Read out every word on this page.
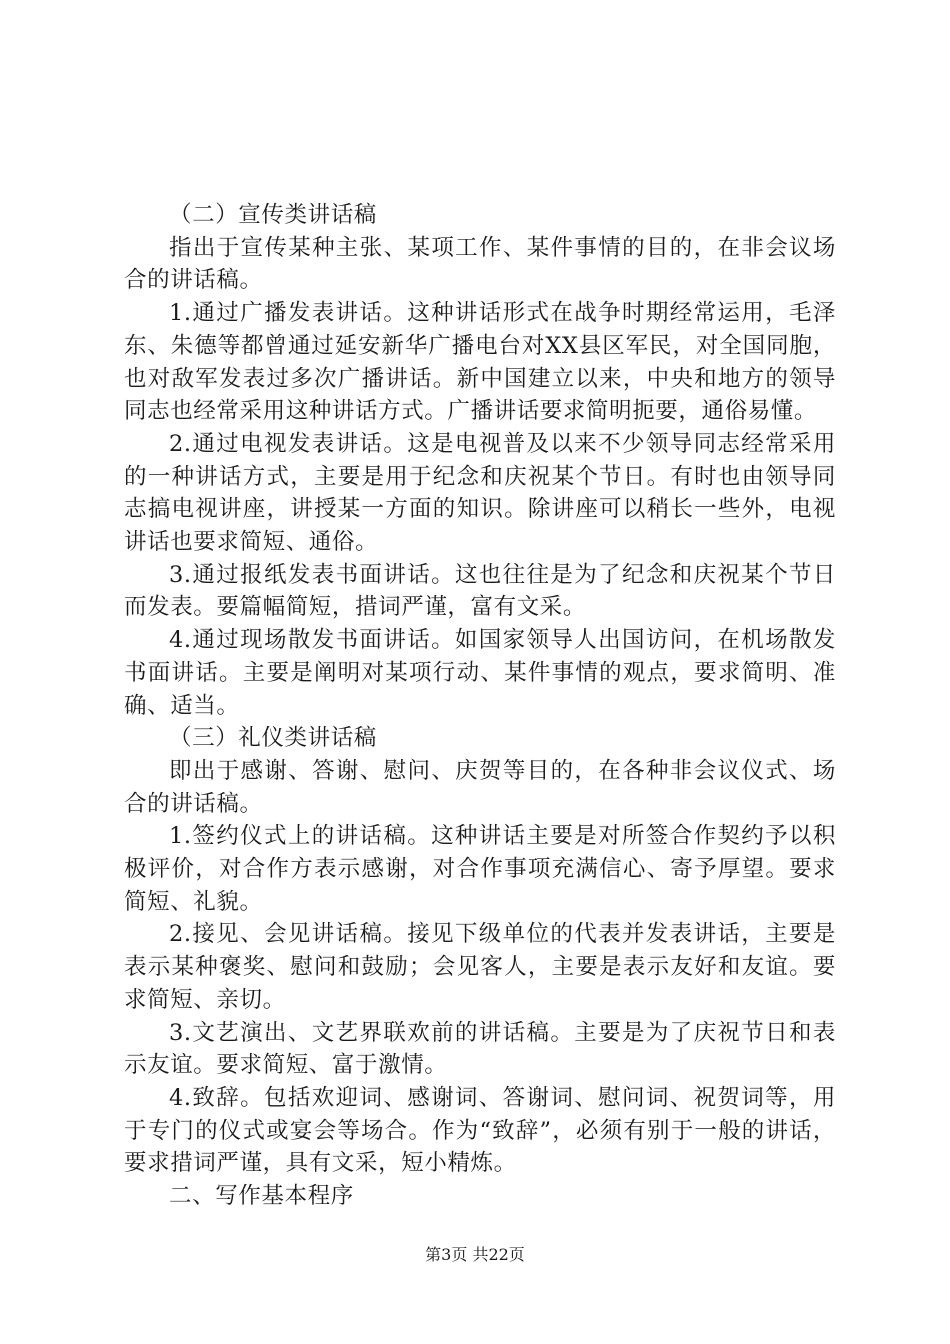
（二）宣传类讲话稿

指出于宣传某种主张、某项工作、某件事情的目的，在非会议场合的讲话稿。

1.通过广播发表讲话。这种讲话形式在战争时期经常运用，毛泽东、朱德等都曾通过延安新华广播电台对XX县区军民，对全国同胞，也对敌军发表过多次广播讲话。新中国建立以来，中央和地方的领导同志也经常采用这种讲话方式。广播讲话要求简明扼要，通俗易懂。

2.通过电视发表讲话。这是电视普及以来不少领导同志经常采用的一种讲话方式，主要是用于纪念和庆祝某个节日。有时也由领导同志搞电视讲座，讲授某一方面的知识。除讲座可以稍长一些外，电视讲话也要求简短、通俗。

3.通过报纸发表书面讲话。这也往往是为了纪念和庆祝某个节日而发表。要篇幅简短，措词严谨，富有文采。

4.通过现场散发书面讲话。如国家领导人出国访问，在机场散发书面讲话。主要是阐明对某项行动、某件事情的观点，要求简明、准确、适当。

（三）礼仪类讲话稿

即出于感谢、答谢、慰问、庆贺等目的，在各种非会议仪式、场合的讲话稿。

1.签约仪式上的讲话稿。这种讲话主要是对所签合作契约予以积极评价，对合作方表示感谢，对合作事项充满信心、寄予厚望。要求简短、礼貌。

2.接见、会见讲话稿。接见下级单位的代表并发表讲话，主要是表示某种褒奖、慰问和鼓励；会见客人，主要是表示友好和友谊。要求简短、亲切。

3.文艺演出、文艺界联欢前的讲话稿。主要是为了庆祝节日和表示友谊。要求简短、富于激情。

4.致辞。包括欢迎词、感谢词、答谢词、慰问词、祝贺词等，用于专门的仪式或宴会等场合。作为“致辞”，必须有别于一般的讲话，要求措词严谨，具有文采，短小精炼。

二、写作基本程序

第3页 共22页
